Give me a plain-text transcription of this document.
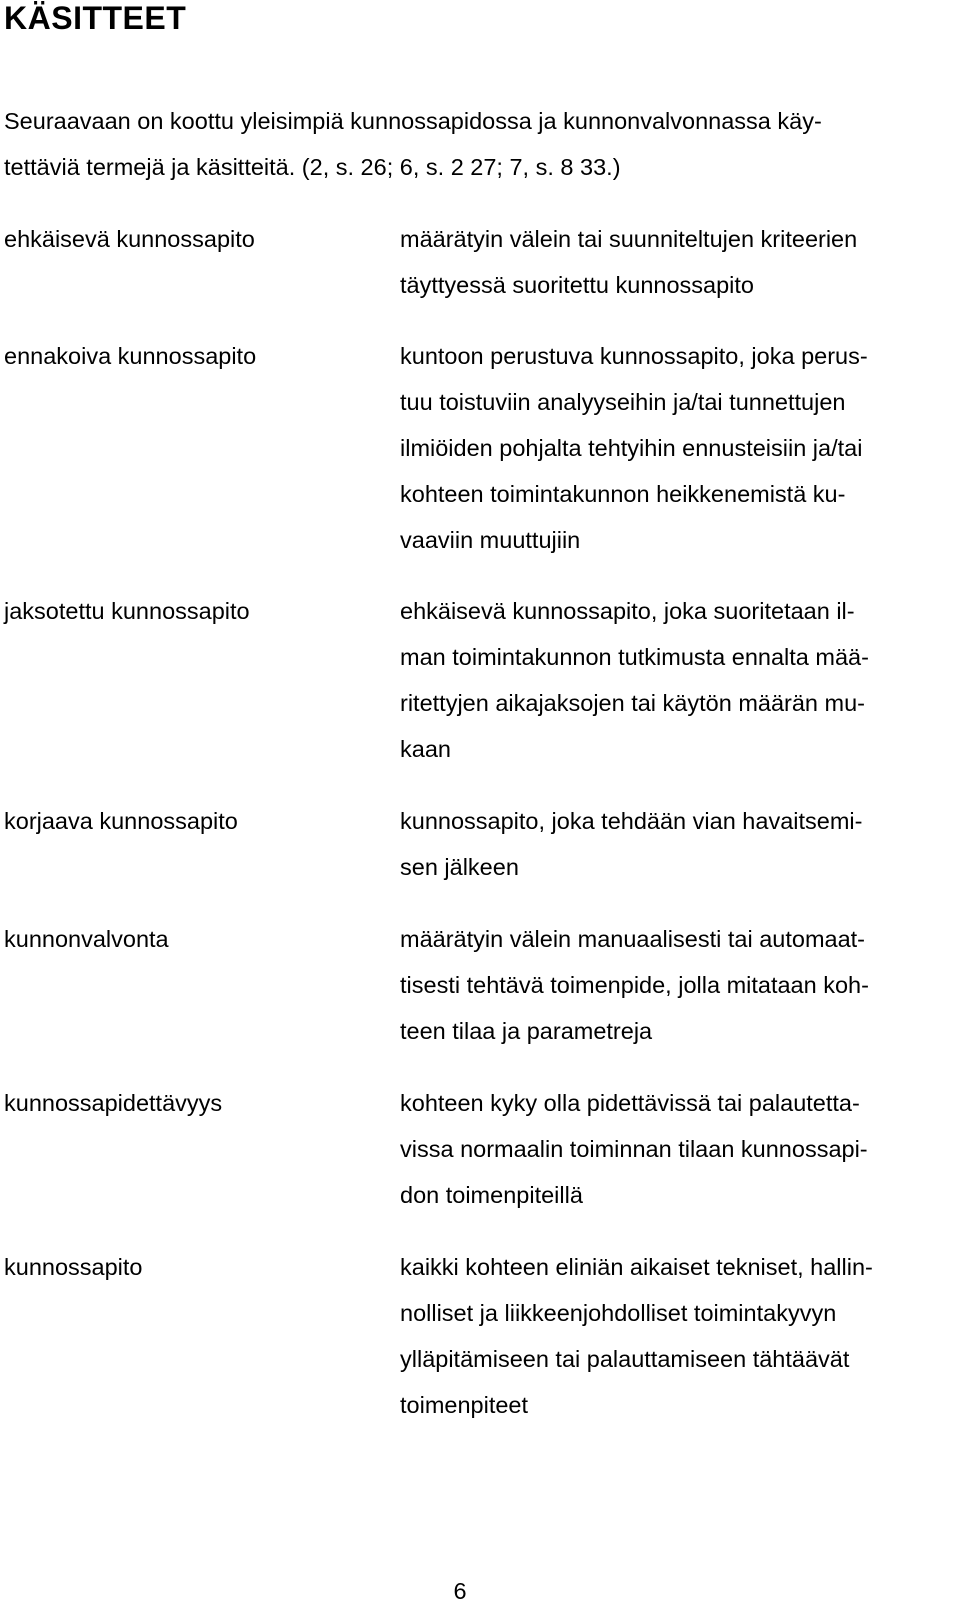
KÄSITTEET
Seuraavaan on koottu yleisimpiä kunnossapidossa ja kunnonvalvonnassa käy-
tettäviä termejä ja käsitteitä. (2, s. 26; 6, s. 2 27; 7, s. 8 33.)
ehkäisevä kunnossapito	määrätyin välein tai suunniteltujen kriteerien
täyttyessä suoritettu kunnossapito
ennakoiva kunnossapito	kuntoon perustuva kunnossapito, joka perus-
tuu toistuviin analyyseihin ja/tai tunnettujen
ilmiöiden pohjalta tehtyihin ennusteisiin ja/tai
kohteen toimintakunnon heikkenemistä ku-
vaaviin muuttujiin
jaksotettu kunnossapito	ehkäisevä kunnossapito, joka suoritetaan il-
man toimintakunnon tutkimusta ennalta mää-
ritettyjen aikajaksojen tai käytön määrän mu-
kaan
korjaava kunnossapito	kunnossapito, joka tehdään vian havaitsemi-
sen jälkeen
kunnonvalvonta	määrätyin välein manuaalisesti tai automaat-
tisesti tehtävä toimenpide, jolla mitataan koh-
teen tilaa ja parametreja
kunnossapidettävyys	kohteen kyky olla pidettävissä tai palautetta-
vissa normaalin toiminnan tilaan kunnossapi-
don toimenpiteillä
kunnossapito	kaikki kohteen eliniän aikaiset tekniset, hallin-
nolliset ja liikkeenjohdolliset toimintakyvyn
ylläpitämiseen tai palauttamiseen tähtäävät
toimenpiteet
6
